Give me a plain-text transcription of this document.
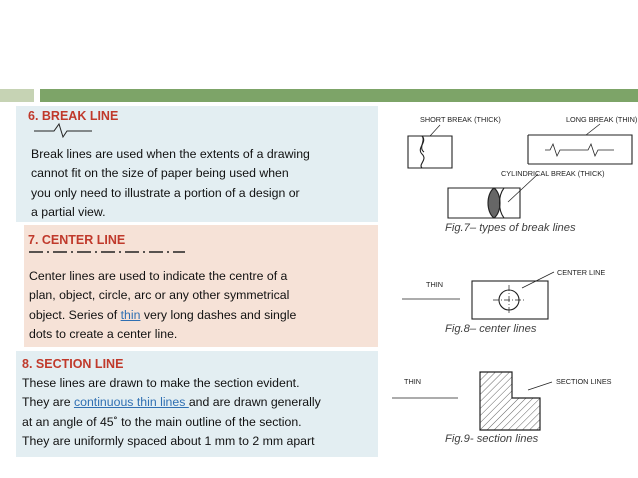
6. BREAK LINE
Break lines are used when the extents of a drawing
cannot fit on the size of paper being used when
you only need to illustrate a portion of a design or
a partial view.
7. CENTER LINE
Center lines are used to indicate the centre of a
plan, object, circle, arc or any other symmetrical
object. Series of thin very long dashes and single
dots to create a center line.
8. SECTION LINE
These lines are drawn to make the section evident.
They are continuous thin lines and are drawn generally
at an angle of 45˚ to the main outline of the section.
They are uniformly spaced about 1 mm to 2 mm apart
SHORT BREAK (THICK)	LONG BREAK (THIN)
CYLINDRICAL BREAK (THICK)
Fig.7– types of break lines
CENTER LINE
THIN
Fig.8– center lines
THIN	SECTION LINES
Fig.9- section lines
